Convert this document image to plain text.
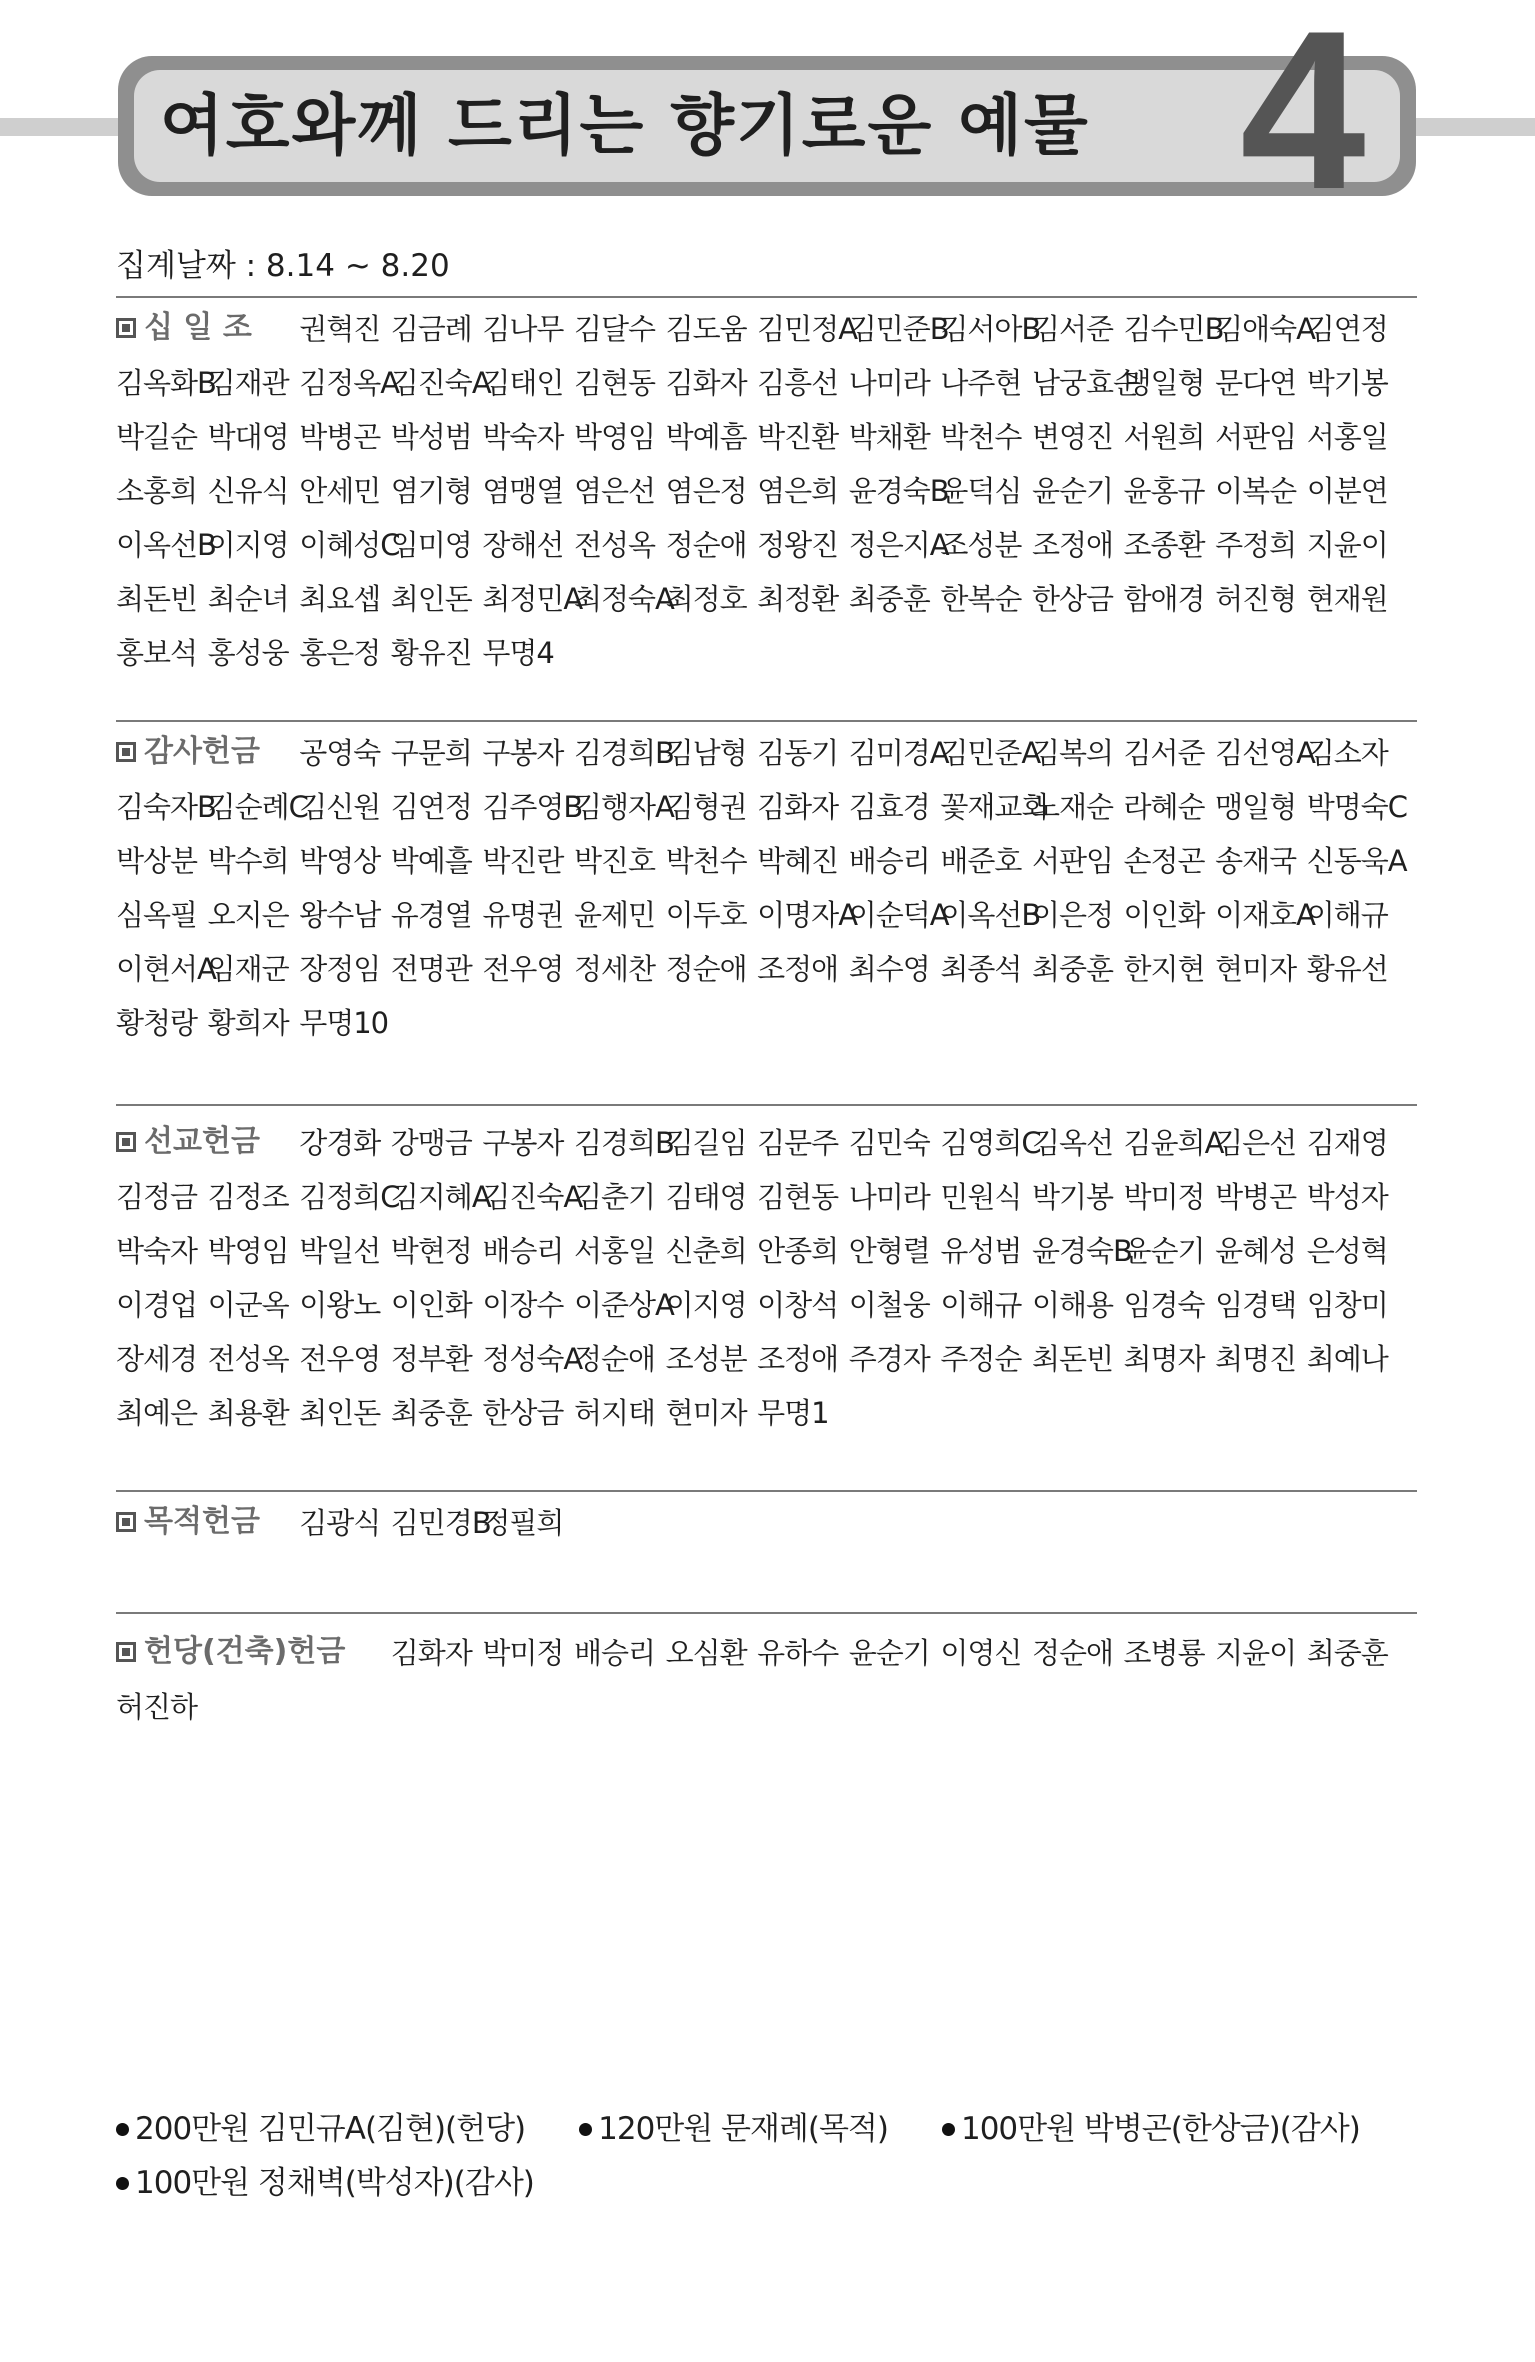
여호와께 드리는 향기로운 예물 4
집계날짜 : 8.14 ~ 8.20
십 일 조	권혁진 김금례 김나무 김달수 김도움 김민정A
김민준B
김서아B
김서준 김수민B
김애숙A
김연정
김옥화B
김재관 김정옥A
김진숙A
김태인 김현동 김화자 김흥선 나미라 나주현 남궁효순
맹일형 문다연 박기봉
박길순 박대영 박병곤 박성범 박숙자 박영임 박예흠 박진환 박채환 박천수 변영진 서원희 서판임 서홍일
소홍희 신유식 안세민 염기형 염맹열 염은선 염은정 염은희 윤경숙B
윤덕심 윤순기 윤홍규 이복순 이분연
이옥선B
이지영 이혜성C
임미영 장해선 전성옥 정순애 정왕진 정은지A
조성분 조정애 조종환 주정희 지윤이
최돈빈 최순녀 최요셉 최인돈 최정민A
최정숙A
최정호 최정환 최중훈 한복순 한상금 함애경 허진형 현재원
홍보석 홍성웅 홍은정 황유진 무명4
감사헌금	공영숙 구문희 구봉자 김경희B
김남형 김동기 김미경A
김민준A
김복의 김서준 김선영A
김소자
김숙자B
김순례C
김신원 김연정 김주영B
김행자A
김형권 김화자 김효경 꽃재교회
노재순 라혜순 맹일형 박명숙C
박상분 박수희 박영상 박예흘 박진란 박진호 박천수 박혜진 배승리 배준호 서판임 손정곤 송재국 신동욱A
심옥필 오지은 왕수남 유경열 유명권 윤제민 이두호 이명자A
이순덕A
이옥선B
이은정 이인화 이재호A
이해규
이현서A
임재군 장정임 전명관 전우영 정세찬 정순애 조정애 최수영 최종석 최중훈 한지현 현미자 황유선
황청랑 황희자 무명10
선교헌금	강경화 강맹금 구봉자 김경희B
김길임 김문주 김민숙 김영희C
김옥선 김윤희A
김은선 김재영
김정금 김정조 김정희C
김지혜A
김진숙A
김춘기 김태영 김현동 나미라 민원식 박기봉 박미정 박병곤 박성자
박숙자 박영임 박일선 박현정 배승리 서홍일 신춘희 안종희 안형렬 유성범 윤경숙B
윤순기 윤혜성 은성혁
이경업 이군옥 이왕노 이인화 이장수 이준상A
이지영 이창석 이철웅 이해규 이해용 임경숙 임경택 임창미
장세경 전성옥 전우영 정부환 정성숙A
정순애 조성분 조정애 주경자 주정순 최돈빈 최명자 최명진 최예나
최예은 최용환 최인돈 최중훈 한상금 허지태 현미자 무명1
목적헌금	김광식 김민경B
정필희
헌당(건축)헌금	김화자 박미정 배승리 오심환 유하수 윤순기 이영신 정순애 조병룡 지윤이 최중훈
허진하
200만원 김민규A(김현)(헌당) 120만원 문재례(목적) 100만원 박병곤(한상금)(감사)
100만원 정채벽(박성자)(감사)
